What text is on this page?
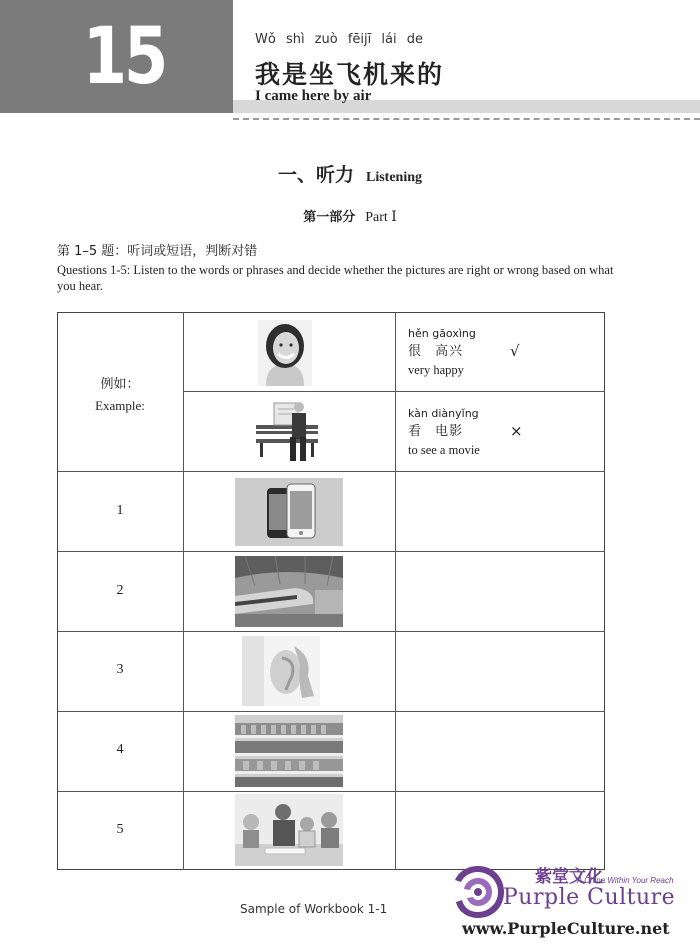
15	Wǒ shì zuò fēijī lái de
我是坐飞机来的
I came here by air
一、听力 Listening
第一部分 Part Ⅰ
第 1–5 题：听词或短语，判断对错
Questions 1-5: Listen to the words or phrases and decide whether the pictures are right or wrong based on what you hear.
例如：
Example:
hěn gāoxìng
很 高兴
very happy
√
kàn diànyǐng
看 电影
to see a movie
×
1
2
3
4
5
Sample of Workbook 1-1
紫堂文化
A China Within Your Reach
Purple Culture
www.PurpleCulture.net
